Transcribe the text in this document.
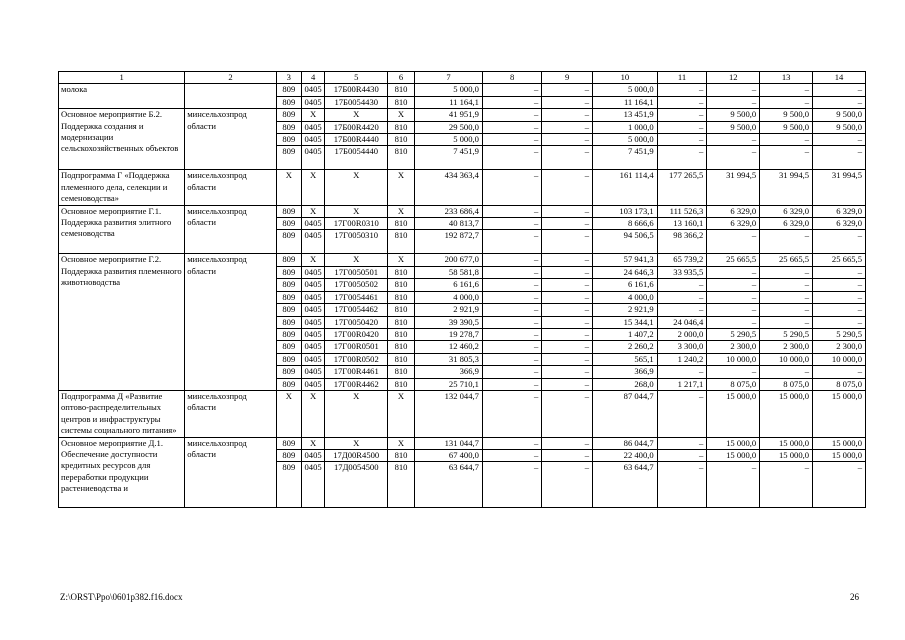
1	2	3	4	5	6	7	8	9	10	11	12	13	14
молока		809	0405	17Б00R4430	810	5 000,0	–	–	5 000,0	–	–	–	–
		809	0405	17Б0054430	810	11 164,1	–	–	11 164,1	–	–	–	–
Основное мероприятие Б.2. Поддержка создания и модернизации сельскохозяйственных объектов	минсельхозпрод области	809	Х	Х	Х	41 951,9	–	–	13 451,9	–	9 500,0	9 500,0	9 500,0
		809	0405	17Б00R4420	810	29 500,0	–	–	1 000,0	–	9 500,0	9 500,0	9 500,0
		809	0405	17Б00R4440	810	5 000,0	–	–	5 000,0	–	–	–	–
		809	0405	17Б0054440	810	7 451,9	–	–	7 451,9	–	–	–	–
Подпрограмма Г «Поддержка племенного дела, селекции и семеноводства»	минсельхозпрод области	Х	Х	Х	Х	434 363,4	–	–	161 114,4	177 265,5	31 994,5	31 994,5	31 994,5
Основное мероприятие Г.1. Поддержка развития элитного семеноводства	минсельхозпрод области	809	Х	Х	Х	233 686,4	–	–	103 173,1	111 526,3	6 329,0	6 329,0	6 329,0
		809	0405	17Г00R0310	810	40 813,7	–	–	8 666,6	13 160,1	6 329,0	6 329,0	6 329,0
		809	0405	17Г0050310	810	192 872,7	–	–	94 506,5	98 366,2	–	–	–
Основное мероприятие Г.2. Поддержка развития племенного животноводства	минсельхозпрод области	809	Х	Х	Х	200 677,0	–	–	57 941,3	65 739,2	25 665,5	25 665,5	25 665,5
		809	0405	17Г0050501	810	58 581,8	–	–	24 646,3	33 935,5	–	–	–
		809	0405	17Г0050502	810	6 161,6	–	–	6 161,6	–	–	–	–
		809	0405	17Г0054461	810	4 000,0	–	–	4 000,0	–	–	–	–
		809	0405	17Г0054462	810	2 921,9	–	–	2 921,9	–	–	–	–
		809	0405	17Г0050420	810	39 390,5	–	–	15 344,1	24 046,4	–	–	–
		809	0405	17Г00R0420	810	19 278,7	–	–	1 407,2	2 000,0	5 290,5	5 290,5	5 290,5
		809	0405	17Г00R0501	810	12 460,2	–	–	2 260,2	3 300,0	2 300,0	2 300,0	2 300,0
		809	0405	17Г00R0502	810	31 805,3	–	–	565,1	1 240,2	10 000,0	10 000,0	10 000,0
		809	0405	17Г00R4461	810	366,9	–	–	366,9	–	–	–	–
		809	0405	17Г00R4462	810	25 710,1	–	–	268,0	1 217,1	8 075,0	8 075,0	8 075,0
Подпрограмма Д «Развитие оптово-распределительных центров и инфраструктуры системы социального питания»	минсельхозпрод области	Х	Х	Х	Х	132 044,7	–	–	87 044,7	–	15 000,0	15 000,0	15 000,0
Основное мероприятие Д.1. Обеспечение доступности кредитных ресурсов для переработки продукции растениеводства и	минсельхозпрод области	809	Х	Х	Х	131 044,7	–	–	86 044,7	–	15 000,0	15 000,0	15 000,0
		809	0405	17Д00R4500	810	67 400,0	–	–	22 400,0	–	15 000,0	15 000,0	15 000,0
		809	0405	17Д0054500	810	63 644,7	–	–	63 644,7	–	–	–	–
Z:\ORST\Ppo\0601p382.f16.docx	26
